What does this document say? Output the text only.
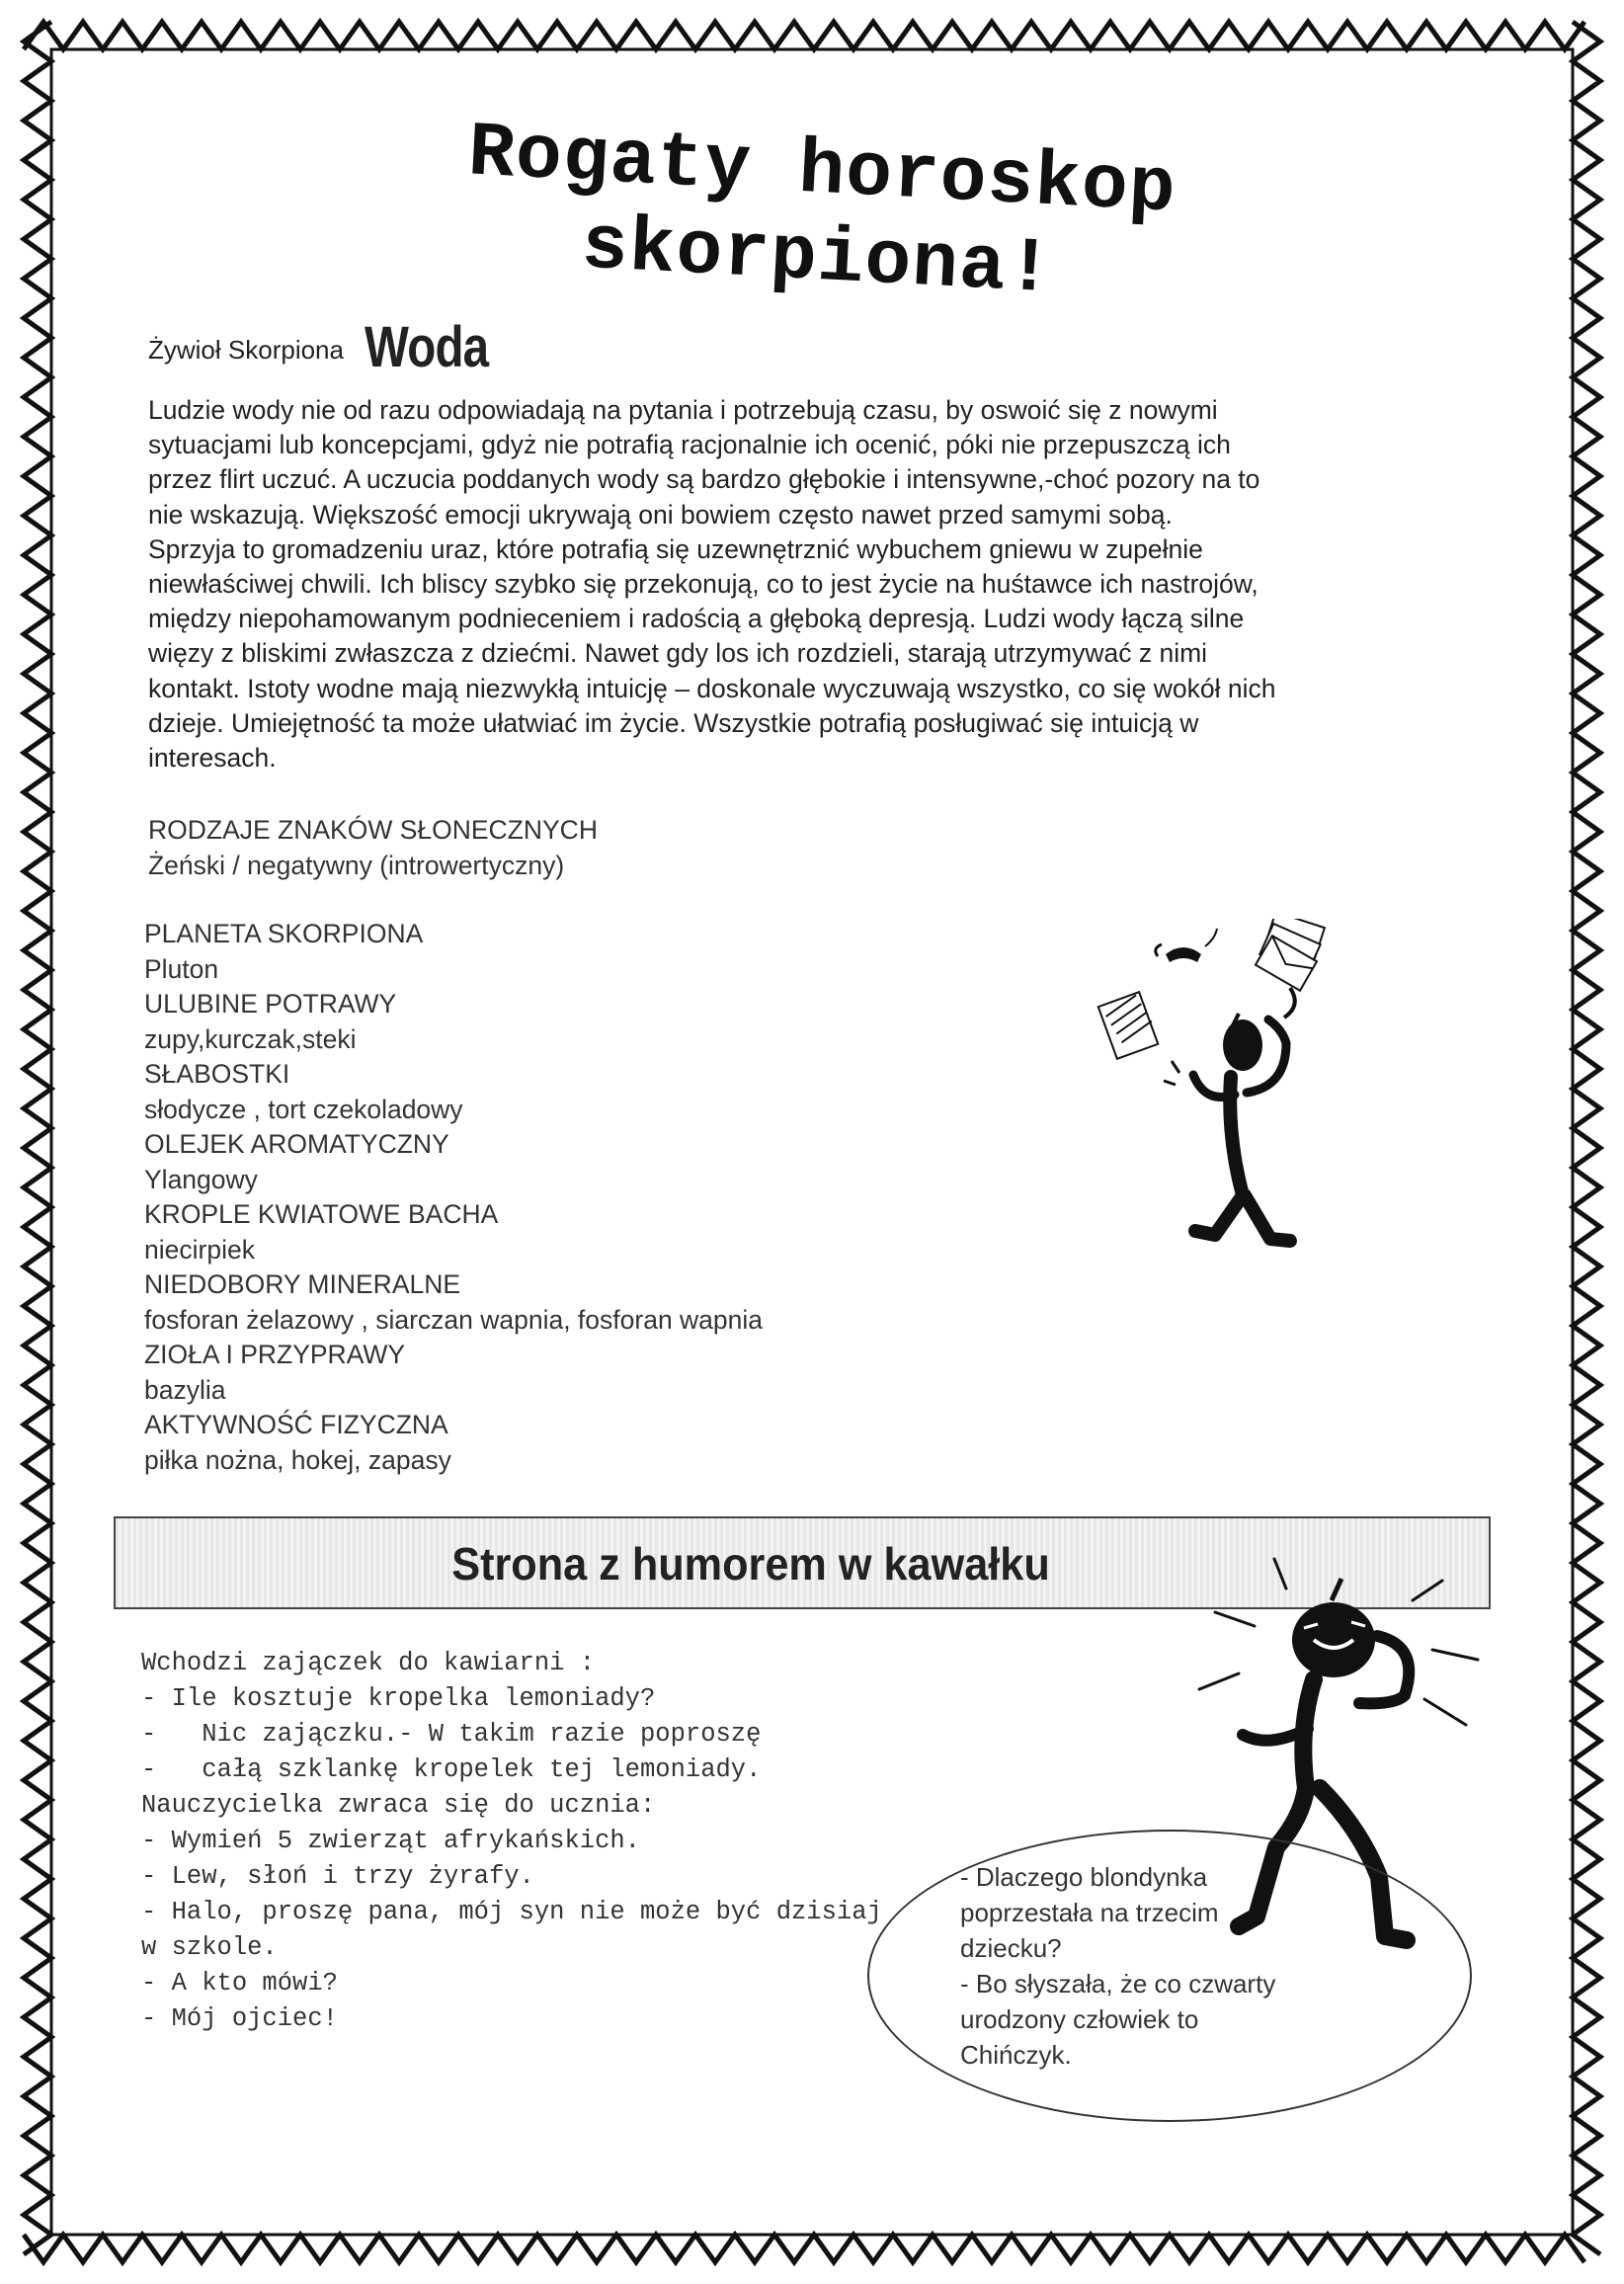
Rogaty horoskop skorpiona!
Żywioł Skorpiona Woda

Ludzie wody nie od razu odpowiadają na pytania i potrzebują czasu, by oswoić się z nowymi

sytuacjami lub koncepcjami, gdyż nie potrafią racjonalnie ich ocenić, póki nie przepuszczą ich

przez flirt uczuć. A uczucia poddanych wody są bardzo głębokie i intensywne,-choć pozory na to

nie wskazują. Większość emocji ukrywają oni bowiem często nawet przed samymi sobą.

Sprzyja to gromadzeniu uraz, które potrafią się uzewnętrznić wybuchem gniewu w zupełnie

niewłaściwej chwili. Ich bliscy szybko się przekonują, co to jest życie na huśtawce ich nastrojów,

między niepohamowanym podnieceniem i radością a głęboką depresją. Ludzi wody łączą silne

więzy z bliskimi zwłaszcza z dziećmi. Nawet gdy los ich rozdzieli, starają utrzymywać z nimi

kontakt. Istoty wodne mają niezwykłą intuicję – doskonale wyczuwają wszystko, co się wokół nich

dzieje. Umiejętność ta może ułatwiać im życie. Wszystkie potrafią posługiwać się intuicją w

interesach.

RODZAJE ZNAKÓW SŁONECZNYCH
Żeński / negatywny (introwertyczny)
PLANETA SKORPIONA
Pluton
ULUBINE POTRAWY
zupy,kurczak,steki
SŁABOSTKI
słodycze , tort czekoladowy
OLEJEK AROMATYCZNY
Ylangowy
KROPLE KWIATOWE BACHA
niecirpiek
NIEDOBORY MINERALNE
fosforan żelazowy , siarczan wapnia, fosforan wapnia
ZIOŁA I PRZYPRAWY
bazylia
AKTYWNOŚĆ FIZYCZNA
piłka nożna, hokej, zapasy
Strona z humorem w kawałku
Wchodzi zajączek do kawiarni :
- Ile kosztuje kropelka lemoniady?
-   Nic zajączku.- W takim razie poproszę
-   całą szklankę kropelek tej lemoniady.
Nauczycielka zwraca się do ucznia:
- Wymień 5 zwierząt afrykańskich.
- Lew, słoń i trzy żyrafy.
- Halo, proszę pana, mój syn nie może być dzisiaj
w szkole.
- A kto mówi?
- Mój ojciec!
- Dlaczego blondynka
poprzestała na trzecim
dziecku?
- Bo słyszała, że co czwarty
urodzony człowiek to
Chińczyk.
